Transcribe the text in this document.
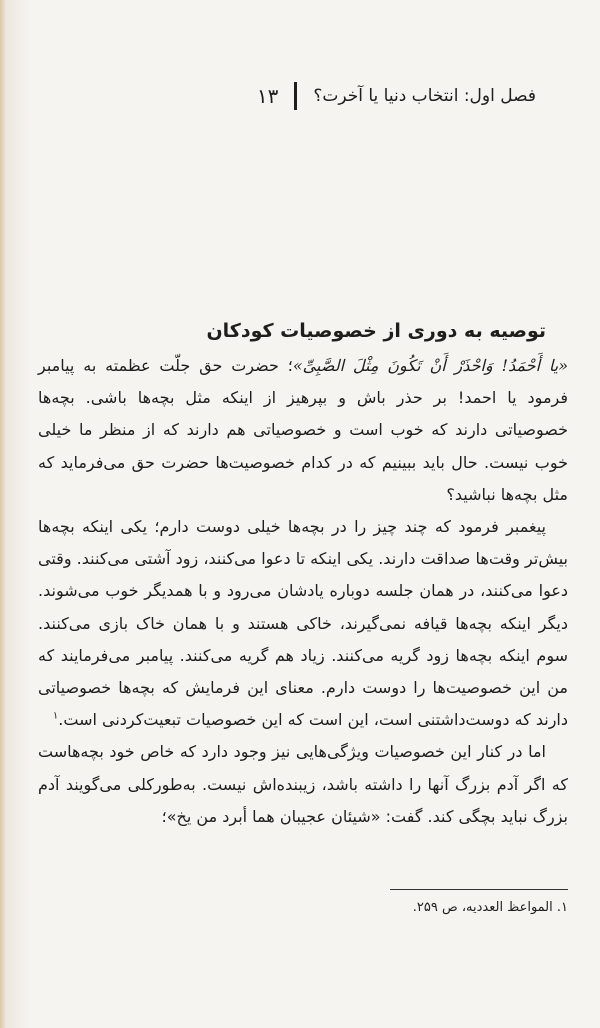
فصل اول: انتخاب دنیا یا آخرت؟
۱۳
توصیه به دوری از خصوصیات کودکان

«یا أَحْمَدُ! وَاحْذَرْ أَنْ تَکُونَ مِثْلَ الصَّبِیِّ»؛ حضرت حق جلّت عظمته به پیامبر فرمود یا احمد! بر حذر باش و بپرهیز از اینکه مثل بچه‌ها باشی. بچه‌ها خصوصیاتی دارند که خوب است و خصوصیاتی هم دارند که از منظر ما خیلی خوب نیست. حال باید ببینیم که در کدام خصوصیت‌ها حضرت حق می‌فرماید که مثل بچه‌ها نباشید؟

پیغمبر فرمود که چند چیز را در بچه‌ها خیلی دوست دارم؛ یکی اینکه بچه‌ها بیش‌تر وقت‌ها صداقت دارند. یکی اینکه تا دعوا می‌کنند، زود آشتی می‌کنند. وقتی دعوا می‌کنند، در همان جلسه دوباره یادشان می‌رود و با همدیگر خوب می‌شوند. دیگر اینکه بچه‌ها قیافه نمی‌گیرند، خاکی هستند و با همان خاک بازی می‌کنند. سوم اینکه بچه‌ها زود گریه می‌کنند. زیاد هم گریه می‌کنند. پیامبر می‌فرمایند که من این خصوصیت‌ها را دوست دارم. معنای این فرمایش که بچه‌ها خصوصیاتی دارند که دوست‌داشتنی است، این است که این خصوصیات تبعیت‌کردنی است.$^۱$

اما در کنار این خصوصیات ویژگی‌هایی نیز وجود دارد که خاص خود بچه‌هاست که اگر آدم بزرگ آنها را داشته باشد، زیبنده‌اش نیست. به‌طورکلی می‌گویند آدم بزرگ نباید بچگی کند. گفت: «شیئان عجیبان هما أبرد من یخ»؛

۱. المواعظ العددیه، ص ۲۵۹.
